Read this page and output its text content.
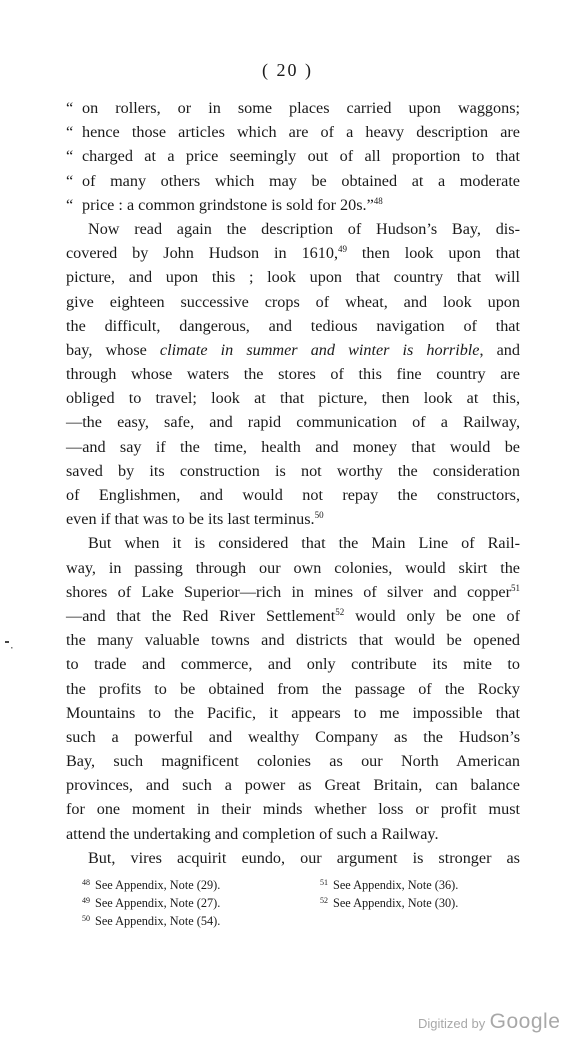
( 20 )
“ on rollers, or in some places carried upon waggons;
“ hence those articles which are of a heavy description are
“ charged at a price seemingly out of all proportion to that
“ of many others which may be obtained at a moderate
“ price : a common grindstone is sold for 20s.”$^{48}$
Now read again the description of Hudson’s Bay, dis-
covered by John Hudson in 1610,49 then look upon that
picture, and upon this ; look upon that country that will
give eighteen successive crops of wheat, and look upon
the difficult, dangerous, and tedious navigation of that
bay, whose climate in summer and winter is horrible, and
through whose waters the stores of this fine country are
obliged to travel; look at that picture, then look at this,
—the easy, safe, and rapid communication of a Railway,
—and say if the time, health and money that would be
saved by its construction is not worthy the consideration
of Englishmen, and would not repay the constructors,
even if that was to be its last terminus.$^{50}$
But when it is considered that the Main Line of Rail-
way, in passing through our own colonies, would skirt the
shores of Lake Superior—rich in mines of silver and copper$^{51}$
—and that the Red River Settlement$^{52}$ would only be one of
the many valuable towns and districts that would be opened
to trade and commerce, and only contribute its mite to
the profits to be obtained from the passage of the Rocky
Mountains to the Pacific, it appears to me impossible that
such a powerful and wealthy Company as the Hudson’s
Bay, such magnificent colonies as our North American
provinces, and such a power as Great Britain, can balance
for one moment in their minds whether loss or profit must
attend the undertaking and completion of such a Railway.
But, vires acquirit eundo, our argument is stronger as
$^{48}$ See Appendix, Note (29).
$^{49}$ See Appendix, Note (27).
$^{50}$ See Appendix, Note (54).
$^{51}$ See Appendix, Note (36).
$^{52}$ See Appendix, Note (30).
Digitized by Google
